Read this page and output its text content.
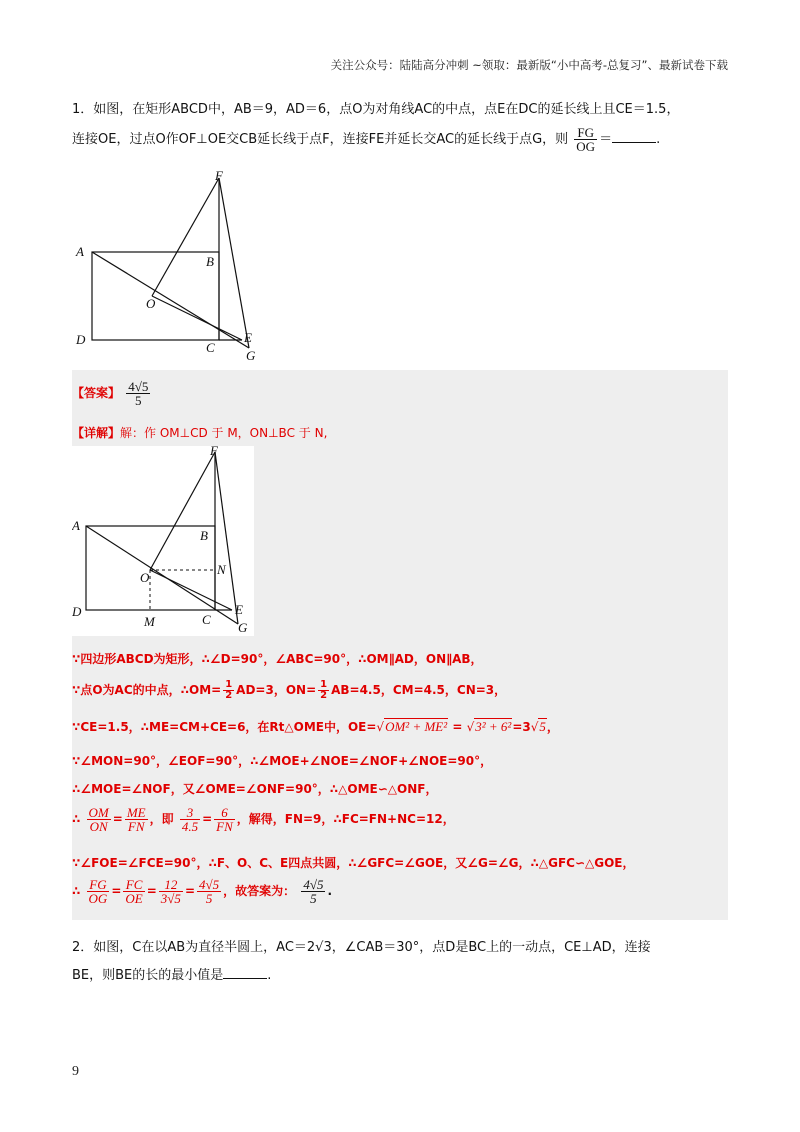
关注公众号：陆陆高分冲刺 ~领取：最新版“小中高考-总复习”、最新试卷下载
1．如图，在矩形ABCD中，AB＝9，AD＝6，点O为对角线AC的中点，点E在DC的延长线上且CE＝1.5，
连接OE，过点O作OF⊥OE交CB延长线于点F，连接FE并延长交AC的延长线于点G，则 $\frac{FG}{OG}$ ＝	.
F
A
B
O
D
C
E
G
【答案】 $\frac{4√5}{5}$
【详解】解：作 OM⊥CD 于 M，ON⊥BC 于 N,
F
A
B
O
N
D
M	C
E
G
∵四边形ABCD为矩形，∴∠D=90°，∠ABC=90°，∴OM∥AD，ON∥AB，
∵点O为AC的中点，∴OM= $\frac{1}{2} AD=3$，$ON= \frac{1}{2} AB=4.5$，CM=4.5，CN=3，
∵CE=1.5，∴ME=CM+CE=6，在Rt△OME中，OE=√OM² + ME² = √3² + 6²=3√5，
∵∠MON=90°，∠EOF=90°，∴∠MOE+∠NOE=∠NOF+∠NOE=90°，
∴∠MOE=∠NOF，又∠OME=∠ONF=90°，∴△OME∽△ONF，
∴ $\frac{OM}{ON} = \frac{ME}{FN}$ ，即 $\frac{3}{4.5} = \frac{6}{FN}$ ，解得，FN=9，∴FC=FN+NC=12，
∵∠FOE=∠FCE=90°，∴F、O、C、E四点共圆，∴∠GFC=∠GOE，又∠G=∠G，∴△GFC∽△GOE，
∴ $\frac{FG}{OG} = \frac{FC}{OE} = \frac{12}{3√5} = \frac{4√5}{5}$ ，故答案为： $\frac{4√5}{5}$ .
2．如图，C在以AB为直径半圆上，AC＝2√3，∠CAB＝30°，点D是BC上的一动点，CE⊥AD，连接
BE，则BE的长的最小值是	.
9
